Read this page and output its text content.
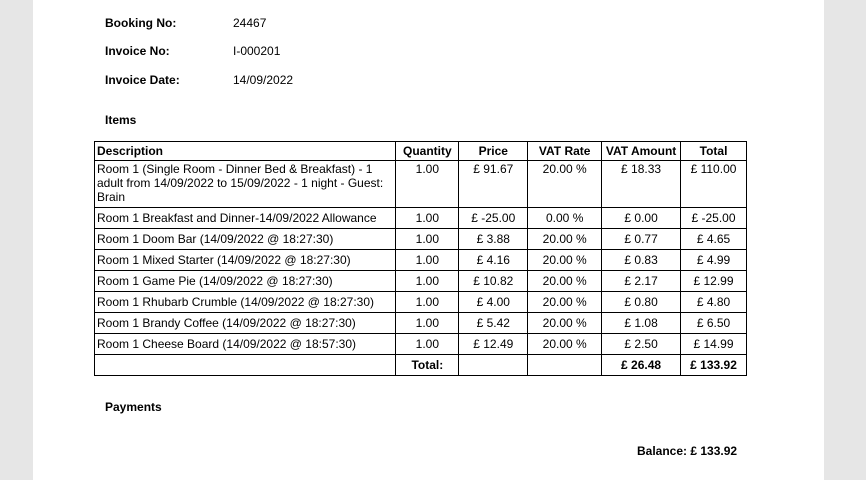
Booking No:	24467
Invoice No:	I-000201
Invoice Date:	14/09/2022
Items
Description	Quantity	Price	VAT Rate	VAT Amount	Total
Room 1 (Single Room - Dinner Bed & Breakfast) - 1 adult from 14/09/2022 to 15/09/2022 - 1 night - Guest: Brain	1.00	£ 91.67	20.00 %	£ 18.33	£ 110.00
Room 1 Breakfast and Dinner-14/09/2022 Allowance	1.00	£ -25.00	0.00 %	£ 0.00	£ -25.00
Room 1 Doom Bar (14/09/2022 @ 18:27:30)	1.00	£ 3.88	20.00 %	£ 0.77	£ 4.65
Room 1 Mixed Starter (14/09/2022 @ 18:27:30)	1.00	£ 4.16	20.00 %	£ 0.83	£ 4.99
Room 1 Game Pie (14/09/2022 @ 18:27:30)	1.00	£ 10.82	20.00 %	£ 2.17	£ 12.99
Room 1 Rhubarb Crumble (14/09/2022 @ 18:27:30)	1.00	£ 4.00	20.00 %	£ 0.80	£ 4.80
Room 1 Brandy Coffee (14/09/2022 @ 18:27:30)	1.00	£ 5.42	20.00 %	£ 1.08	£ 6.50
Room 1 Cheese Board (14/09/2022 @ 18:57:30)	1.00	£ 12.49	20.00 %	£ 2.50	£ 14.99
	Total:			£ 26.48	£ 133.92
Payments
Balance: £ 133.92
